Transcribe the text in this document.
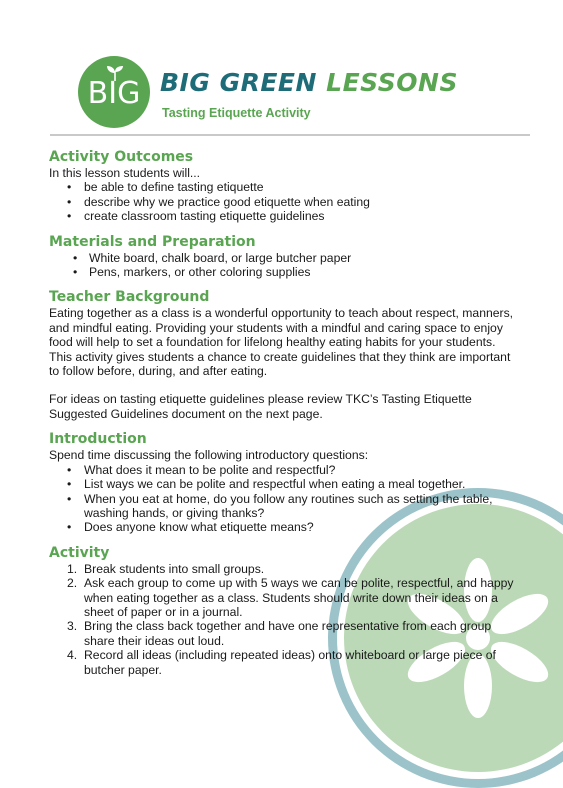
BIG BIG GREEN LESSONS
Tasting Etiquette Activity
Activity Outcomes

In this lesson students will...

• be able to define tasting etiquette
• describe why we practice good etiquette when eating
• create classroom tasting etiquette guidelines
Materials and Preparation
• White board, chalk board, or large butcher paper
• Pens, markers, or other coloring supplies
Teacher Background

Eating together as a class is a wonderful opportunity to teach about respect, manners,
and mindful eating. Providing your students with a mindful and caring space to enjoy
food will help to set a foundation for lifelong healthy eating habits for your students.
This activity gives students a chance to create guidelines that they think are important
to follow before, during, and after eating.

For ideas on tasting etiquette guidelines please review TKC’s Tasting Etiquette
Suggested Guidelines document on the next page.

Introduction

Spend time discussing the following introductory questions:

• What does it mean to be polite and respectful?
• List ways we can be polite and respectful when eating a meal together.
• When you eat at home, do you follow any routines such as setting the table,
washing hands, or giving thanks?
• Does anyone know what etiquette means?
Activity
1. Break students into small groups.
2. Ask each group to come up with 5 ways we can be polite, respectful, and happy
when eating together as a class. Students should write down their ideas on a
sheet of paper or in a journal.
3. Bring the class back together and have one representative from each group
share their ideas out loud.
4. Record all ideas (including repeated ideas) onto whiteboard or large piece of
butcher paper.
